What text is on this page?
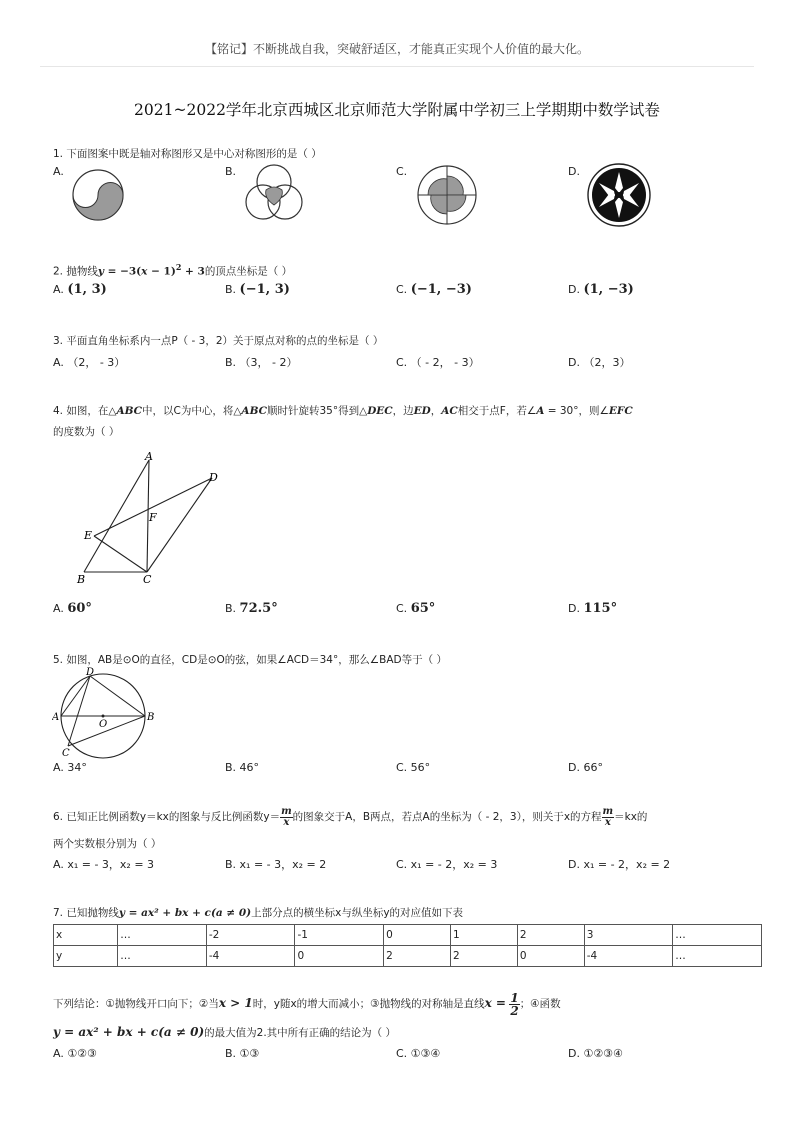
【铭记】不断挑战自我，突破舒适区，才能真正实现个人价值的最大化。
2021~2022学年北京西城区北京师范大学附属中学初三上学期期中数学试卷
1. 下面图案中既是轴对称图形又是中心对称图形的是（ ）
A.	B.	C.	D.
2. 抛物线$y = -3(x - 1)^2 + 3$的顶点坐标是（ ）
A. (1, 3)	B. (−1, 3)	C. (−1, −3)	D. (1, −3)
3. 平面直角坐标系内一点P（ - 3，2）关于原点对称的点的坐标是（ ）
A. （2， - 3）	B. （3， - 2）	C. （ - 2， - 3）	D. （2，3）
4. 如图，在△ABC中，以C为中心，将△ABC顺时针旋转35°得到△DEC，边ED，AC相交于点F，若∠A = 30°，则∠EFC
的度数为（ ）
A
B	C
D
E
F
A. 60°	B. 72.5°	C. 65°	D. 115°
5. 如图，AB是⊙O的直径，CD是⊙O的弦，如果∠ACD＝34°，那么∠BAD等于（ ）
D
A	B
O
C
A. 34°	B. 46°	C. 56°	D. 66°
6. 已知正比例函数y＝kx的图象与反比例函数$y= \frac{m}{x}$ 的图象交于A，B两点，若点A的坐标为（ - 2，3），则关于x的方程 $\frac{m}{x} =kx$的
两个实数根分别为（ ）
A. x₁ = - 3，x₂ = 3	B. x₁ = - 3，x₂ = 2	C. x₁ = - 2，x₂ = 3	D. x₁ = - 2，x₂ = 2
7. 已知抛物线y = ax² + bx + c(a ≠ 0)上部分点的横坐标x与纵坐标y的对应值如下表
x	…	-2	-1	0	1	2	3	…
y	…	-4	0	2	2	0	-4	…
下列结论：①抛物线开口向下；②当x > 1时，y随x的增大而减小；③抛物线的对称轴是直线$x = \frac{1}{2}$ ；④函数
y = ax² + bx + c(a ≠ 0)的最大值为2.其中所有正确的结论为（ ）
A. ①②③	B. ①③	C. ①③④	D. ①②③④
